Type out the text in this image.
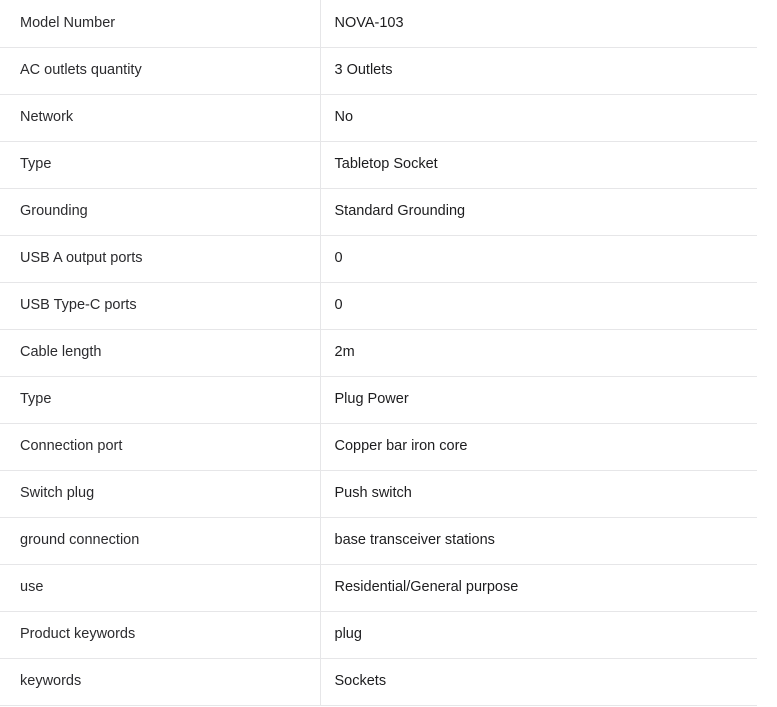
Model Number	NOVA-103
AC outlets quantity	3 Outlets
Network	No
Type	Tabletop Socket
Grounding	Standard Grounding
USB A output ports	0
USB Type-C ports	0
Cable length	2m
Type	Plug Power
Connection port	Copper bar iron core
Switch plug	Push switch
ground connection	base transceiver stations
use	Residential/General purpose
Product keywords	plug
keywords	Sockets
